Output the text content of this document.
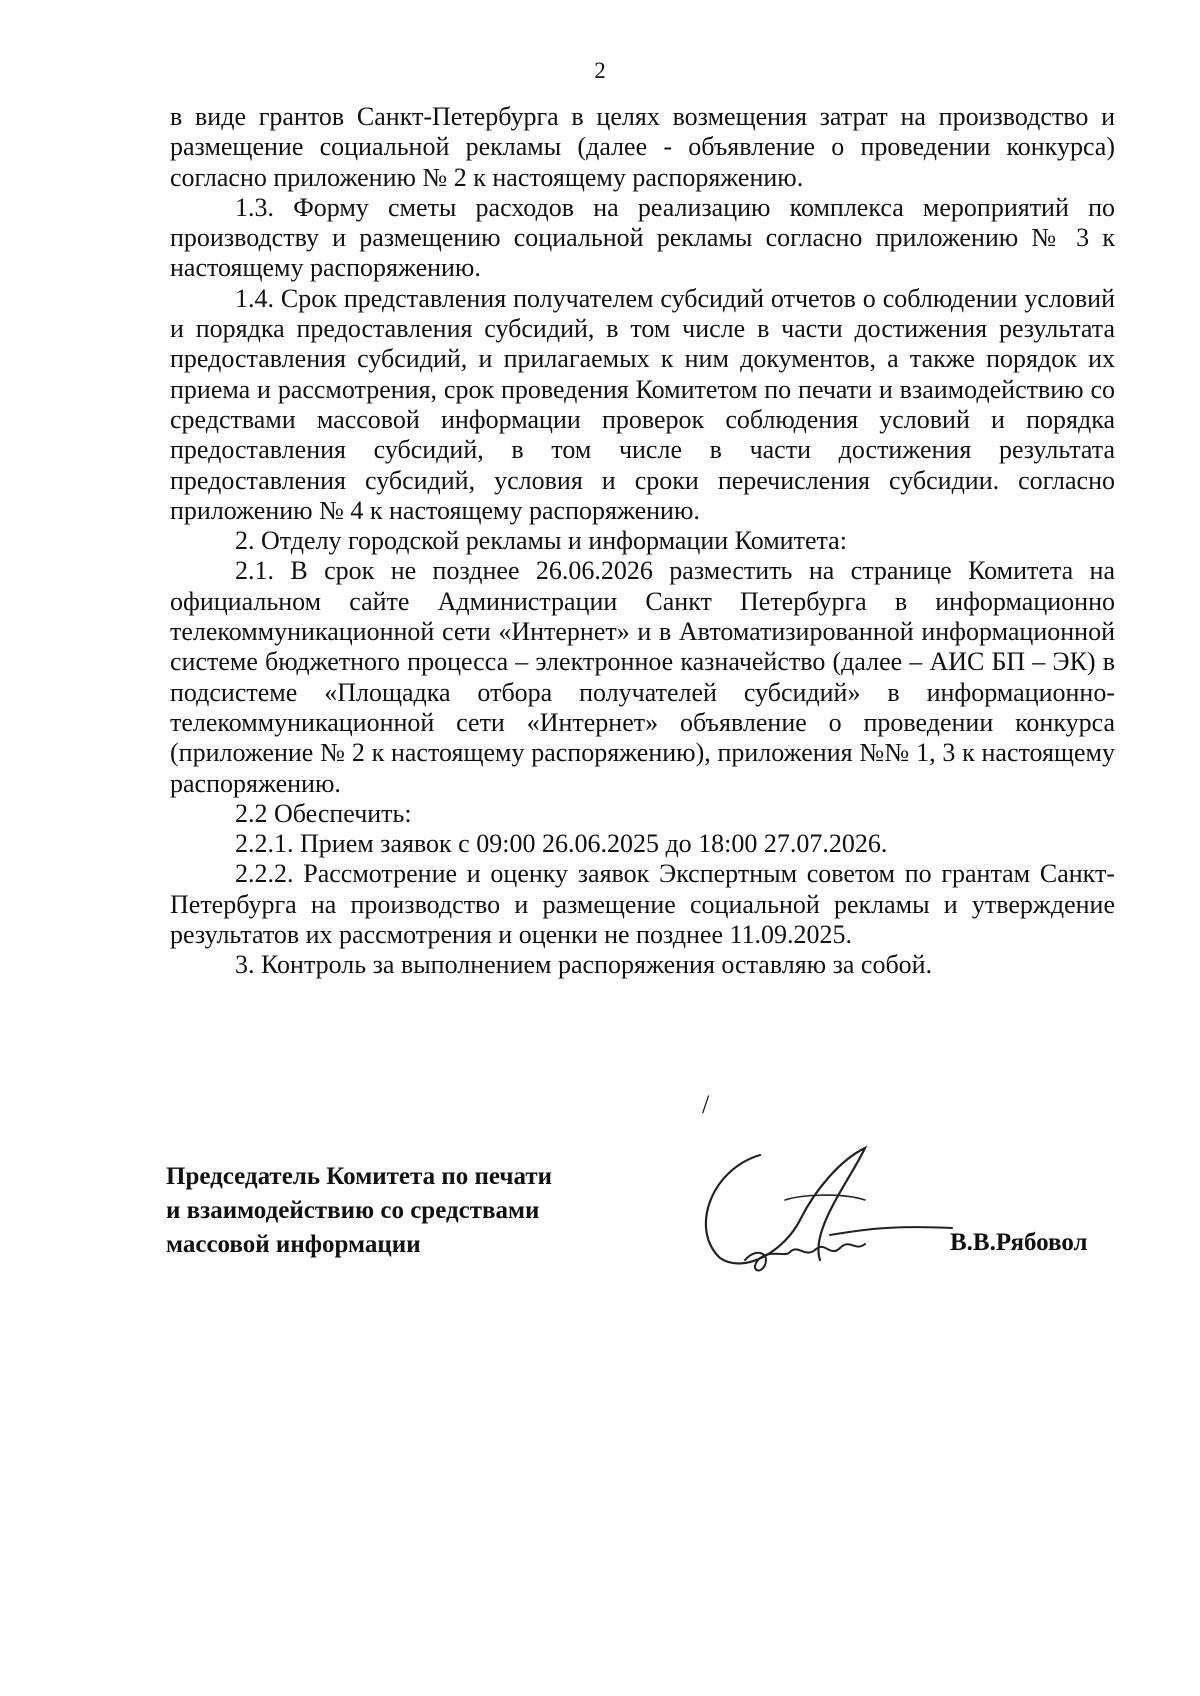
2

в виде грантов Санкт-Петербурга в целях возмещения затрат на производство и размещение социальной рекламы (далее - объявление о проведении конкурса) согласно приложению № 2 к настоящему распоряжению.

1.3. Форму сметы расходов на реализацию комплекса мероприятий по производству и размещению социальной рекламы согласно приложению № 3 к настоящему распоряжению.

1.4. Срок представления получателем субсидий отчетов о соблюдении условий и порядка предоставления субсидий, в том числе в части достижения результата предоставления субсидий, и прилагаемых к ним документов, а также порядок их приема и рассмотрения, срок проведения Комитетом по печати и взаимодействию со средствами массовой информации проверок соблюдения условий и порядка предоставления субсидий, в том числе в части достижения результата предоставления субсидий, условия и сроки перечисления субсидии. согласно приложению № 4 к настоящему распоряжению.

2. Отделу городской рекламы и информации Комитета:

2.1. В срок не позднее 26.06.2026 разместить на странице Комитета на официальном сайте Администрации Санкт Петербурга в информационно телекоммуникационной сети «Интернет» и в Автоматизированной информационной системе бюджетного процесса – электронное казначейство (далее – АИС БП – ЭК) в подсистеме «Площадка отбора получателей субсидий» в информационно-телекоммуникационной сети «Интернет» объявление о проведении конкурса (приложение № 2 к настоящему распоряжению), приложения №№ 1, 3 к настоящему распоряжению.

2.2 Обеспечить:

2.2.1. Прием заявок с 09:00 26.06.2025 до 18:00 27.07.2026.

2.2.2. Рассмотрение и оценку заявок Экспертным советом по грантам Санкт-Петербурга на производство и размещение социальной рекламы и утверждение результатов их рассмотрения и оценки не позднее 11.09.2025.

3. Контроль за выполнением распоряжения оставляю за собой.

/
Председатель Комитета по печати
и взаимодействию со средствами
массовой информации	В.В.Рябовол
